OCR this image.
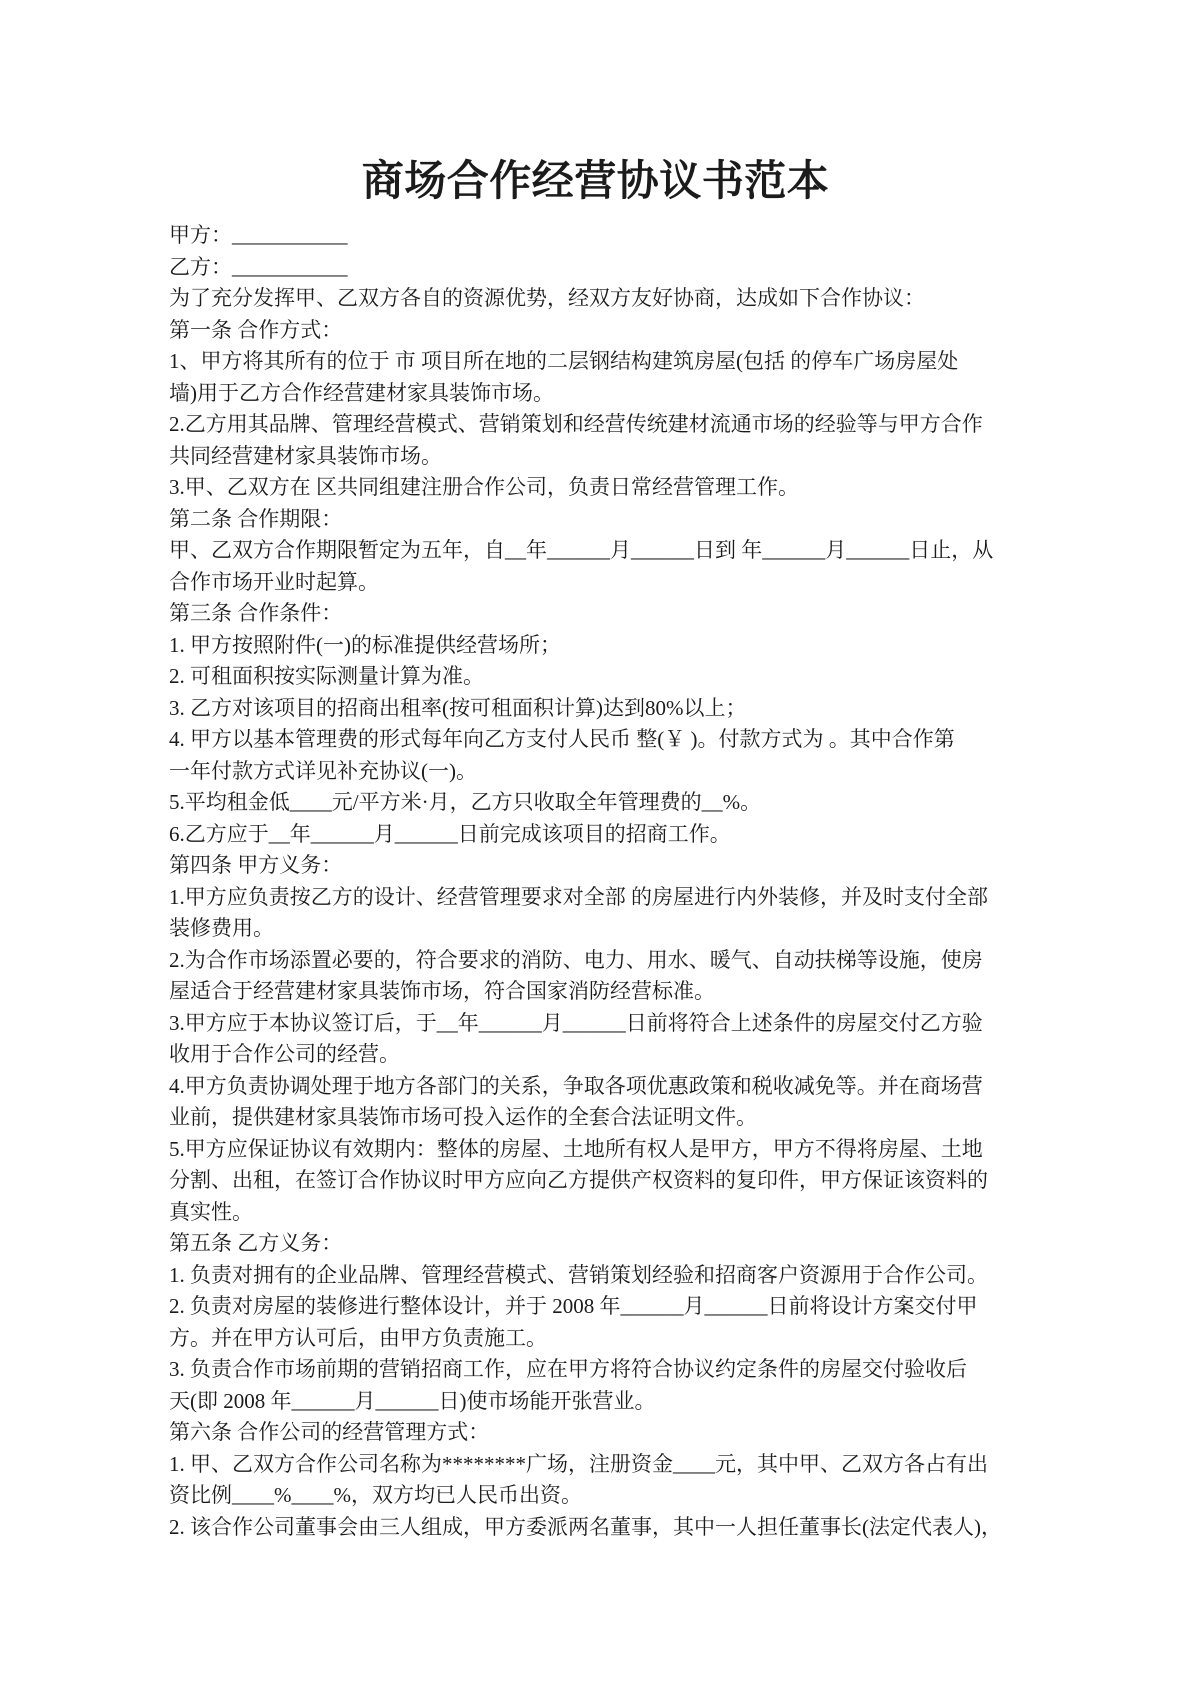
商场合作经营协议书范本
甲方：___________
乙方：___________
为了充分发挥甲、乙双方各自的资源优势，经双方友好协商，达成如下合作协议：
第一条 合作方式：
1、甲方将其所有的位于 市 项目所在地的二层钢结构建筑房屋(包括 的停车广场房屋处
墙)用于乙方合作经营建材家具装饰市场。
2.乙方用其品牌、管理经营模式、营销策划和经营传统建材流通市场的经验等与甲方合作
共同经营建材家具装饰市场。
3.甲、乙双方在 区共同组建注册合作公司，负责日常经营管理工作。
第二条 合作期限：
甲、乙双方合作期限暂定为五年，自__年______月______日到 年______月______日止，从
合作市场开业时起算。
第三条 合作条件：
1. 甲方按照附件(一)的标准提供经营场所；
2. 可租面积按实际测量计算为准。
3. 乙方对该项目的招商出租率(按可租面积计算)达到80%以上；
4. 甲方以基本管理费的形式每年向乙方支付人民币 整(￥ )。付款方式为 。其中合作第
一年付款方式详见补充协议(一)。
5.平均租金低____元/平方米·月，乙方只收取全年管理费的__%。
6.乙方应于__年______月______日前完成该项目的招商工作。
第四条 甲方义务：
1.甲方应负责按乙方的设计、经营管理要求对全部 的房屋进行内外装修，并及时支付全部
装修费用。
2.为合作市场添置必要的，符合要求的消防、电力、用水、暖气、自动扶梯等设施，使房
屋适合于经营建材家具装饰市场，符合国家消防经营标准。
3.甲方应于本协议签订后，于__年______月______日前将符合上述条件的房屋交付乙方验
收用于合作公司的经营。
4.甲方负责协调处理于地方各部门的关系，争取各项优惠政策和税收减免等。并在商场营
业前，提供建材家具装饰市场可投入运作的全套合法证明文件。
5.甲方应保证协议有效期内：整体的房屋、土地所有权人是甲方，甲方不得将房屋、土地
分割、出租，在签订合作协议时甲方应向乙方提供产权资料的复印件，甲方保证该资料的
真实性。
第五条 乙方义务：
1. 负责对拥有的企业品牌、管理经营模式、营销策划经验和招商客户资源用于合作公司。
2. 负责对房屋的装修进行整体设计，并于 2008 年______月______日前将设计方案交付甲
方。并在甲方认可后，由甲方负责施工。
3. 负责合作市场前期的营销招商工作，应在甲方将符合协议约定条件的房屋交付验收后
天(即 2008 年______月______日)使市场能开张营业。
第六条 合作公司的经营管理方式：
1. 甲、乙双方合作公司名称为********广场，注册资金____元，其中甲、乙双方各占有出
资比例____%____%，双方均已人民币出资。
2. 该合作公司董事会由三人组成，甲方委派两名董事，其中一人担任董事长(法定代表人)，
